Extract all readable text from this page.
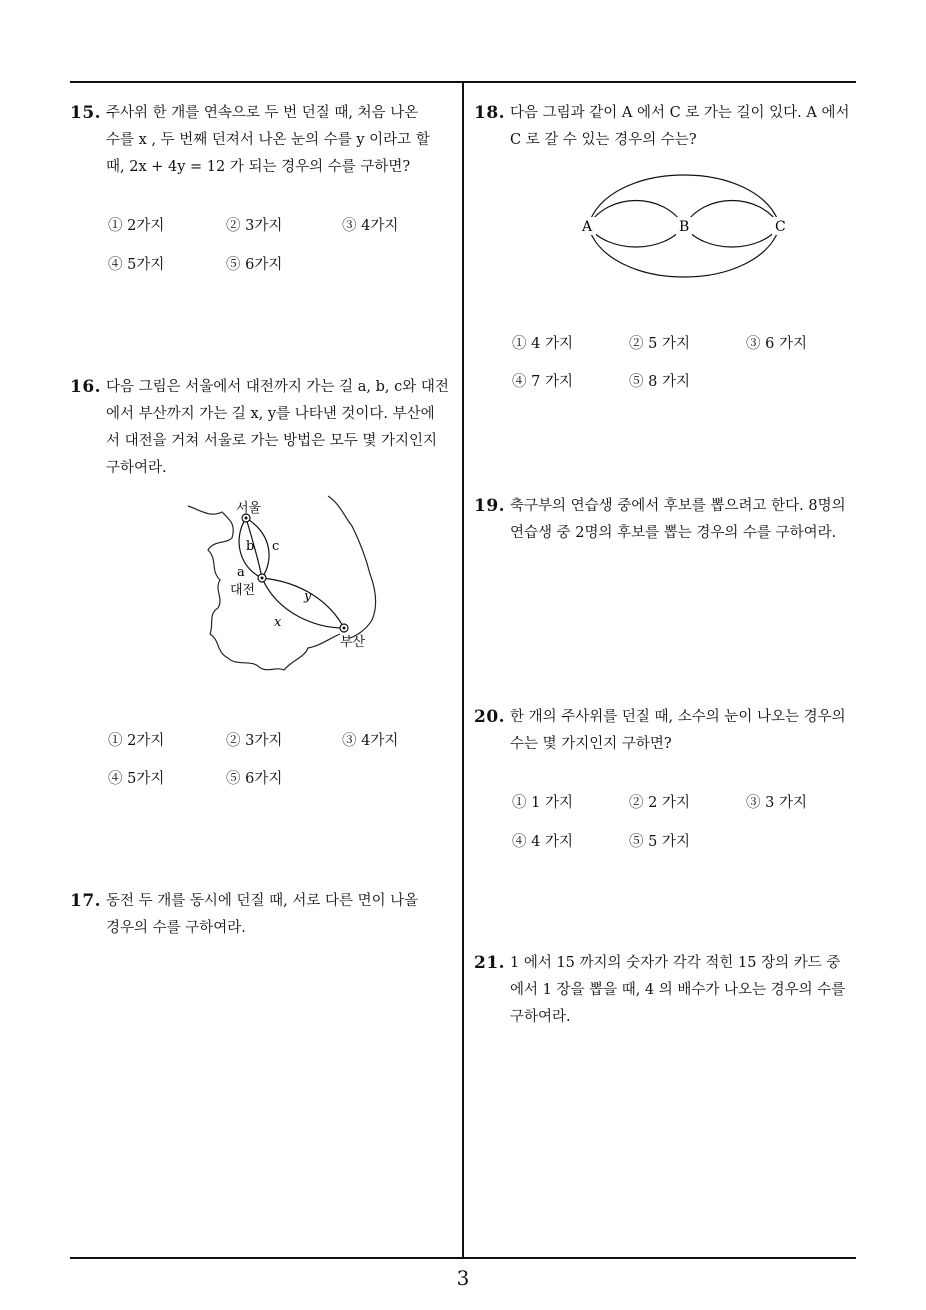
15. 주사위 한 개를 연속으로 두 번 던질 때, 처음 나온
수를 x , 두 번째 던져서 나온 눈의 수를 y 이라고 할
때, 2x + 4y = 12 가 되는 경우의 수를 구하면?
① 2가지	② 3가지	③ 4가지
④ 5가지	⑤ 6가지
16. 다음 그림은 서울에서 대전까지 가는 길 a, b, c와 대전
에서 부산까지 가는 길 x, y를 나타낸 것이다. 부산에
서 대전을 거쳐 서울로 가는 방법은 모두 몇 가지인지
구하여라.
서울
대전
부산
a
b c
x
y
① 2가지	② 3가지	③ 4가지
④ 5가지	⑤ 6가지
17. 동전 두 개를 동시에 던질 때, 서로 다른 면이 나올
경우의 수를 구하여라.
18. 다음 그림과 같이 A 에서 C 로 가는 길이 있다. A 에서
C 로 갈 수 있는 경우의 수는?
A	B	C
① 4 가지	② 5 가지	③ 6 가지
④ 7 가지	⑤ 8 가지
19. 축구부의 연습생 중에서 후보를 뽑으려고 한다. 8명의
연습생 중 2명의 후보를 뽑는 경우의 수를 구하여라.
20. 한 개의 주사위를 던질 때, 소수의 눈이 나오는 경우의
수는 몇 가지인지 구하면?
① 1 가지	② 2 가지	③ 3 가지
④ 4 가지	⑤ 5 가지
21. 1 에서 15 까지의 숫자가 각각 적힌 15 장의 카드 중
에서 1 장을 뽑을 때, 4 의 배수가 나오는 경우의 수를
구하여라.
3
